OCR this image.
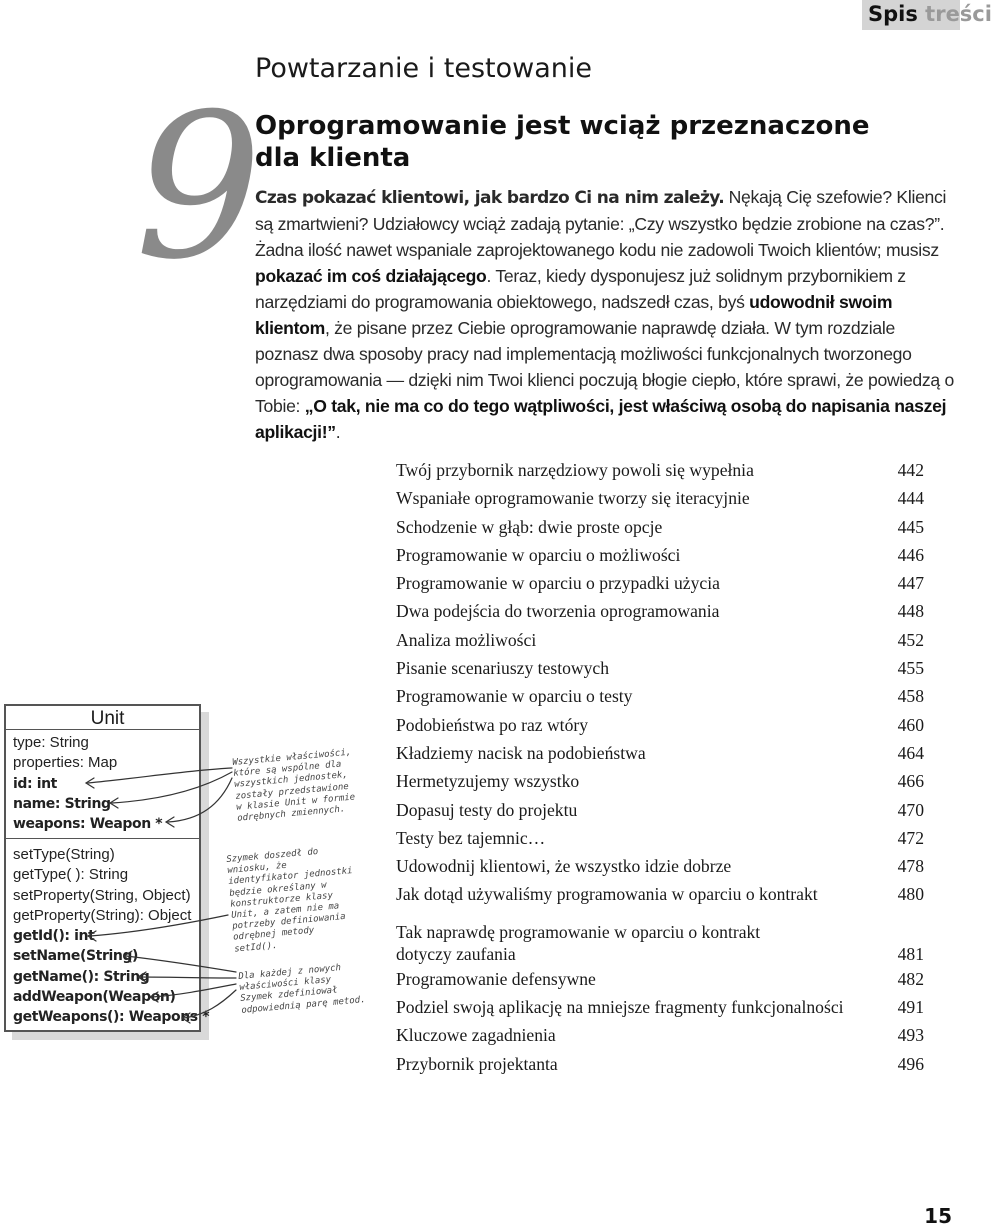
Spis treści
9
Powtarzanie i testowanie
Oprogramowanie jest wciąż przeznaczone dla klienta
Czas pokazać klientowi, jak bardzo Ci na nim zależy. Nękają Cię szefowie? Klienci są zmartwieni? Udziałowcy wciąż zadają pytanie: „Czy wszystko będzie zrobione na czas?”. Żadna ilość nawet wspaniale zaprojektowanego kodu nie zadowoli Twoich klientów; musisz pokazać im coś działającego. Teraz, kiedy dysponujesz już solidnym przybornikiem z narzędziami do programowania obiektowego, nadszedł czas, byś udowodnił swoim klientom, że pisane przez Ciebie oprogramowanie naprawdę działa. W tym rozdziale poznasz dwa sposoby pracy nad implementacją możliwości funkcjonalnych tworzonego oprogramowania — dzięki nim Twoi klienci poczują błogie ciepło, które sprawi, że powiedzą o Tobie: „O tak, nie ma co do tego wątpliwości, jest właściwą osobą do napisania naszej aplikacji!”.
Twój przybornik narzędziowy powoli się wypełnia	442
Wspaniałe oprogramowanie tworzy się iteracyjnie	444
Schodzenie w głąb: dwie proste opcje	445
Programowanie w oparciu o możliwości	446
Programowanie w oparciu o przypadki użycia	447
Dwa podejścia do tworzenia oprogramowania	448
Analiza możliwości	452
Pisanie scenariuszy testowych	455
Programowanie w oparciu o testy	458
Podobieństwa po raz wtóry	460
Kładziemy nacisk na podobieństwa	464
Hermetyzujemy wszystko	466
Dopasuj testy do projektu	470
Testy bez tajemnic…	472
Udowodnij klientowi, że wszystko idzie dobrze	478
Jak dotąd używaliśmy programowania w oparciu o kontrakt	480
Tak naprawdę programowanie w oparciu o kontrakt dotyczy zaufania	481
Programowanie defensywne	482
Podziel swoją aplikację na mniejsze fragmenty funkcjonalności	491
Kluczowe zagadnienia	493
Przybornik projektanta	496
Unit
type: String
properties: Map
id: int
name: String
weapons: Weapon *
setType(String)
getType( ): String
setProperty(String, Object)
getProperty(String): Object
getId(): int
setName(String)
getName(): String
addWeapon(Weapon)
getWeapons(): Weapons *
Wszystkie właściwości, które są wspólne dla wszystkich jednostek, zostały przedstawione w klasie Unit w formie odrębnych zmiennych.
Szymek doszedł do wniosku, że identyfikator jednostki będzie określany w konstruktorze klasy Unit, a zatem nie ma potrzeby definiowania odrębnej metody setId().
Dla każdej z nowych właściwości klasy Szymek zdefiniował odpowiednią parę metod.
15
